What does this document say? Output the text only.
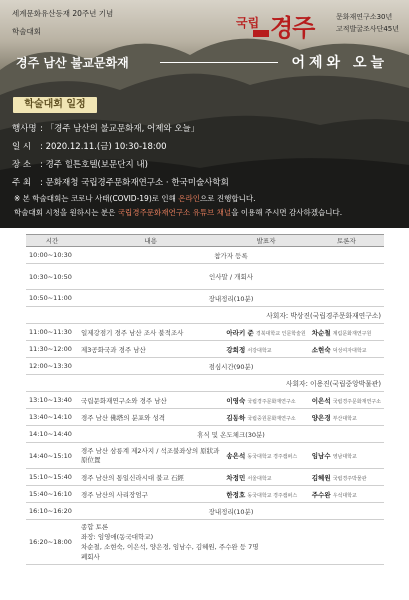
세계문화유산등재 20주년 기념
학술대회
국립 경주	문화재연구소30년
고적발굴조사단45년
경주 남산 불교문화재	어제와 오늘
학술대회 일정
행사명 : 「경주 남산의 불교문화재, 어제와 오늘」
일 시 : 2020.12.11.(금) 10:30-18:00
장 소 : 경주 힐튼호텔(보문단지 내)
주 최 : 문화재청 국립경주문화재연구소 · 한국미술사학회
※ 본 학술대회는 코로나 사태(COVID-19)로 인해 온라인으로 진행합니다.
학술대회 시청을 원하시는 분은 국립경주문화재연구소 유튜브 채널을 이용해 주시면 감사하겠습니다.
시간	내용	발표자	토론자
10:00~10:30	참가자 등록		
10:30~10:50	인사말 / 개회사		
10:50~11:00	장내정리(10분)		
사회자: 박상진(국립경주문화재연구소)			
11:00~11:30	일제강점기 경주 남산 조사 불적조사	아라키 준 경북대학교 인문학술원	차순철 계림문화재연구원
11:30~12:00	제3공화국과 경주 남산	강희정 서강대학교	소현숙 덕성여자대학교
12:00~13:30	점심시간(90분)		
사회자: 이용진(국립중앙박물관)			
13:10~13:40	국립문화재연구소와 경주 남산	이영숙 국립경주문화재연구소	이은석 국립경주문화재연구소
13:40~14:10	경주 남산 佛塔의 분포와 성격	김동하 국립중원문화재연구소	양은경 부산대학교
14:10~14:40	휴식 및 온도체크(30분)		
14:40~15:10	경주 남산 삼릉계 제2사지 / 석조불좌상의 原狀과 原位置	송은석 동국대학교 경주캠퍼스	임남수 영남대학교
15:10~15:40	경주 남산의 통일신라시대 불교 石經	차정민 서울대학교	김혜원 국립경주박물관
15:40~16:10	경주 남산의 사리장엄구	한정호 동국대학교 경주캠퍼스	주수완 우석대학교
16:10~16:20	장내정리(10분)		
16:20~18:00	종합 토론
좌장: 임영애(동국대학교)
차순철, 소현숙, 이은석, 양은경, 임남수, 김혜원, 주수완 등 7명
폐회사		
